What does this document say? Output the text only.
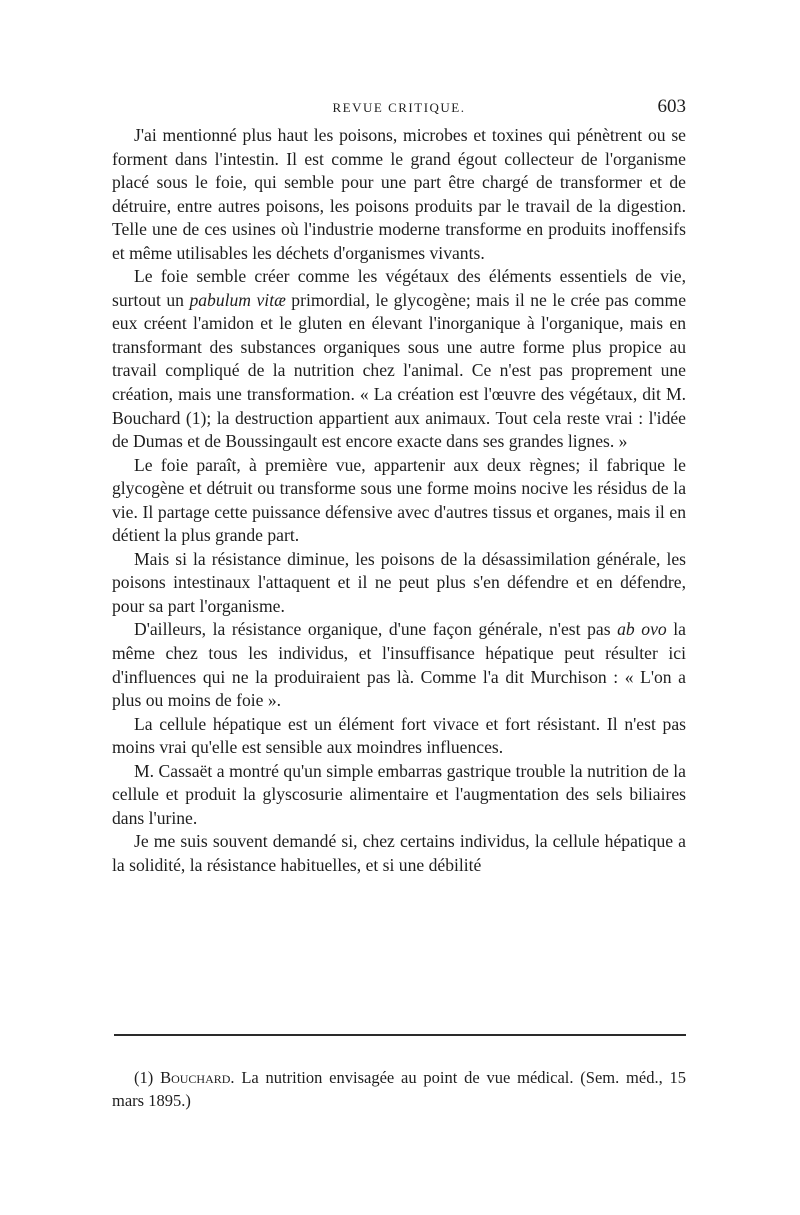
REVUE CRITIQUE.	603

J'ai mentionné plus haut les poisons, microbes et toxines qui pénètrent ou se forment dans l'intestin. Il est comme le grand égout collecteur de l'organisme placé sous le foie, qui semble pour une part être chargé de transformer et de détruire, entre autres poisons, les poisons produits par le travail de la digestion. Telle une de ces usines où l'industrie moderne transforme en produits inoffensifs et même utilisables les déchets d'organismes vivants.

Le foie semble créer comme les végétaux des éléments essentiels de vie, surtout un pabulum vitæ primordial, le glycogène; mais il ne le crée pas comme eux créent l'amidon et le gluten en élevant l'inorganique à l'organique, mais en transformant des substances organiques sous une autre forme plus propice au travail compliqué de la nutrition chez l'animal. Ce n'est pas proprement une création, mais une transformation. « La création est l'œuvre des végétaux, dit M. Bouchard (1); la destruction appartient aux animaux. Tout cela reste vrai : l'idée de Dumas et de Boussingault est encore exacte dans ses grandes lignes. »

Le foie paraît, à première vue, appartenir aux deux règnes; il fabrique le glycogène et détruit ou transforme sous une forme moins nocive les résidus de la vie. Il partage cette puissance défensive avec d'autres tissus et organes, mais il en détient la plus grande part.

Mais si la résistance diminue, les poisons de la désassimilation générale, les poisons intestinaux l'attaquent et il ne peut plus s'en défendre et en défendre, pour sa part l'organisme.

D'ailleurs, la résistance organique, d'une façon générale, n'est pas ab ovo la même chez tous les individus, et l'insuffisance hépatique peut résulter ici d'influences qui ne la produiraient pas là. Comme l'a dit Murchison : « L'on a plus ou moins de foie ».

La cellule hépatique est un élément fort vivace et fort résistant. Il n'est pas moins vrai qu'elle est sensible aux moindres influences.

M. Cassaët a montré qu'un simple embarras gastrique trouble la nutrition de la cellule et produit la glyscosurie alimentaire et l'augmentation des sels biliaires dans l'urine.

Je me suis souvent demandé si, chez certains individus, la cellule hépatique a la solidité, la résistance habituelles, et si une débilité

(1) Bouchard. La nutrition envisagée au point de vue médical. (Sem. méd., 15 mars 1895.)
